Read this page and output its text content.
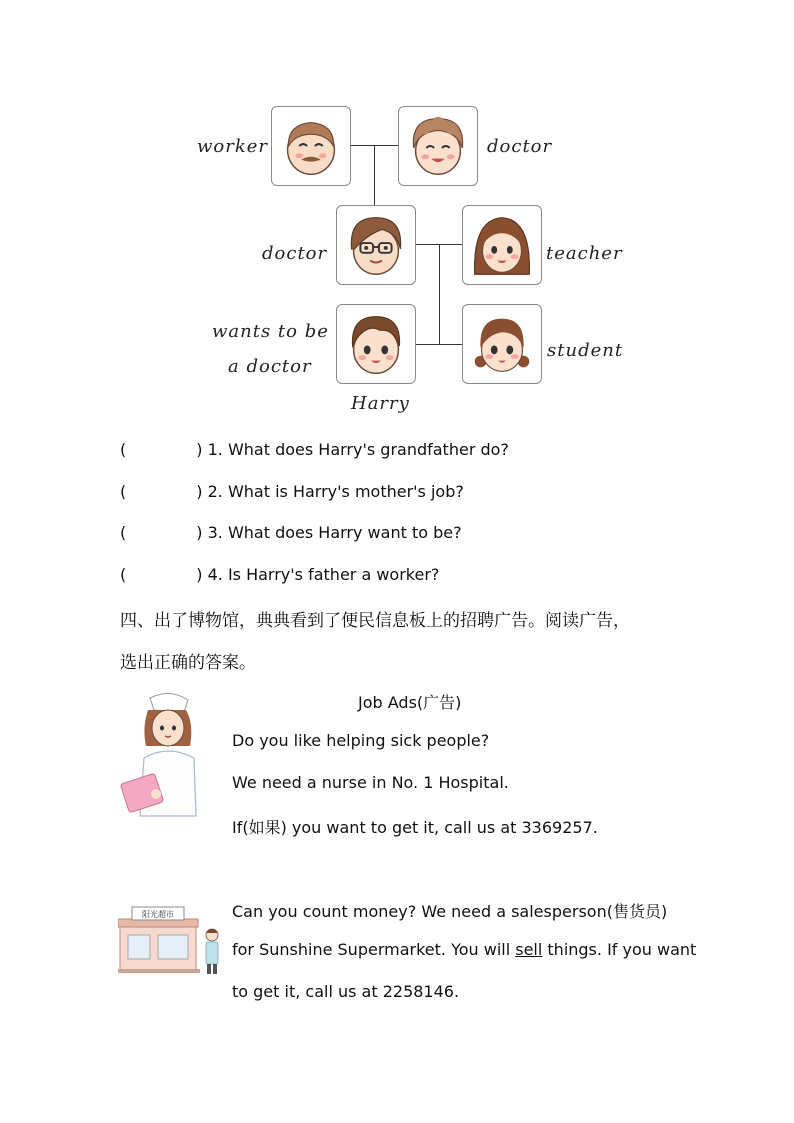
worker	doctor
doctor	teacher
wants to be
a doctor
Harry
student
(	) 1. What does Harry's grandfather do?
(	) 2. What is Harry's mother's job?
(	) 3. What does Harry want to be?
(	) 4. Is Harry's father a worker?
四、出了博物馆，典典看到了便民信息板上的招聘广告。阅读广告，
选出正确的答案。
Job Ads(广告)
Do you like helping sick people?
We need a nurse in No. 1 Hospital.
If(如果) you want to get it, call us at 3369257.
阳光超市	Can you count money? We need a salesperson(售货员)
for Sunshine Supermarket. You will sell things. If you want
to get it, call us at 2258146.
